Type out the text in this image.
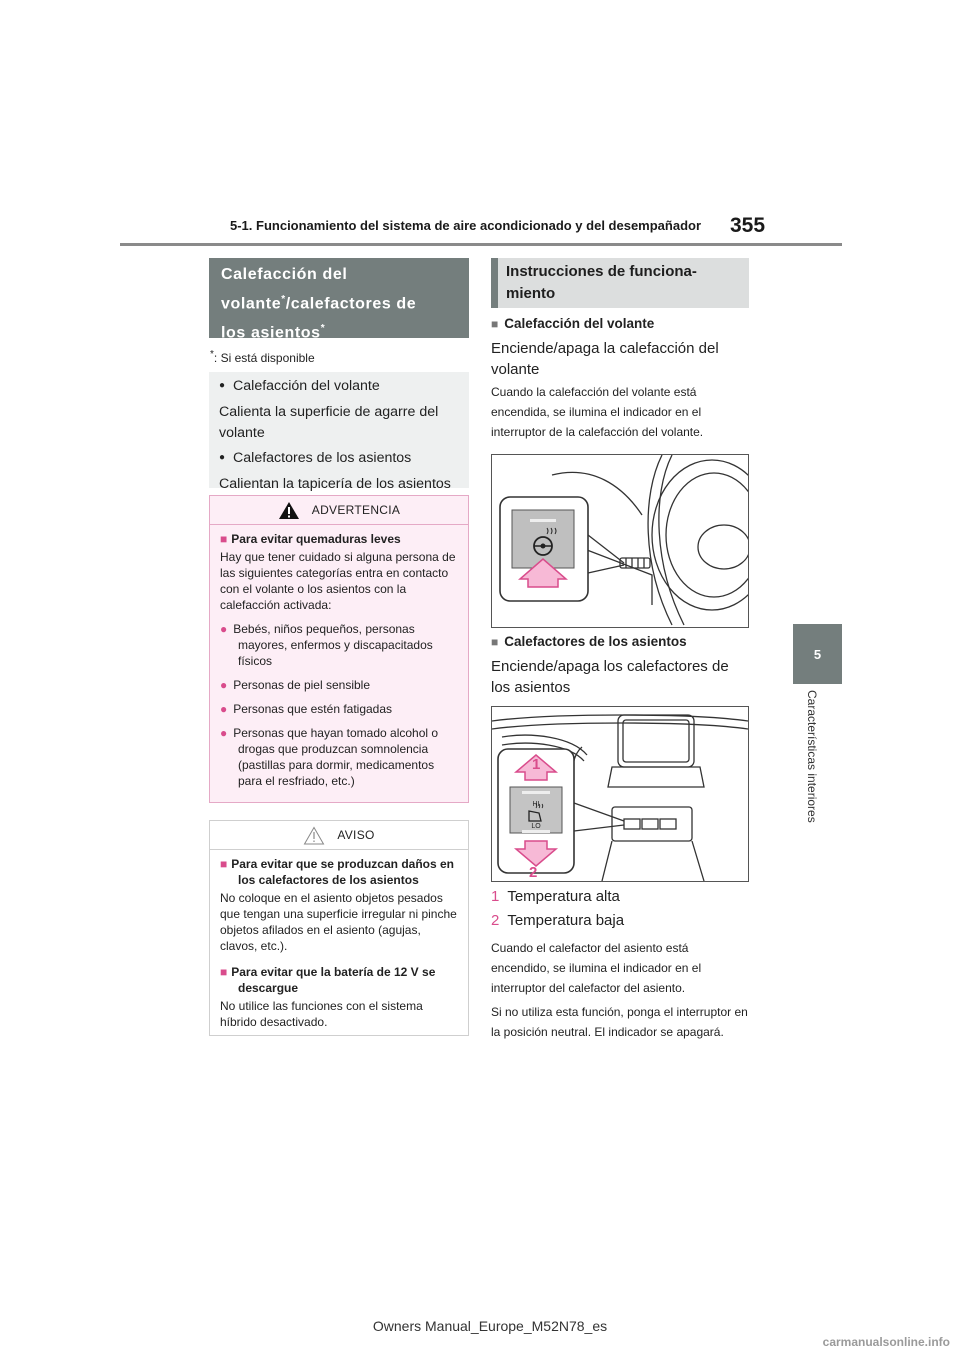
5-1. Funcionamiento del sistema de aire acondicionado y del desempañador 355
5
Características interiores
Calefacción del
volante*/calefactores de
los asientos*
*: Si está disponible
● Calefacción del volante
Calienta la superficie de agarre del volante
● Calefactores de los asientos
Calientan la tapicería de los asientos
ADVERTENCIA
■ Para evitar quemaduras leves
Hay que tener cuidado si alguna persona de las siguientes categorías entra en contacto con el volante o los asientos con la calefacción activada:
● Bebés, niños pequeños, personas mayores, enfermos y discapacitados físicos
● Personas de piel sensible
● Personas que estén fatigadas
● Personas que hayan tomado alcohol o drogas que produzcan somnolencia (pastillas para dormir, medicamentos para el resfriado, etc.)
AVISO
■ Para evitar que se produzcan daños en los calefactores de los asientos
No coloque en el asiento objetos pesados que tengan una superficie irregular ni pinche objetos afilados en el asiento (agujas, clavos, etc.).
■ Para evitar que la batería de 12 V se descargue
No utilice las funciones con el sistema híbrido desactivado.
Instrucciones de funciona-
miento
■ Calefacción del volante
Enciende/apaga la calefacción del volante
Cuando la calefacción del volante está encendida, se ilumina el indicador en el interruptor de la calefacción del volante.
■ Calefactores de los asientos
Enciende/apaga los calefactores de los asientos
HI
LO
1
2
1 Temperatura alta
2 Temperatura baja
Cuando el calefactor del asiento está encendido, se ilumina el indicador en el interruptor del calefactor del asiento.
Si no utiliza esta función, ponga el interruptor en la posición neutral. El indicador se apagará.
Owners Manual_Europe_M52N78_es
carmanualsonline.info
